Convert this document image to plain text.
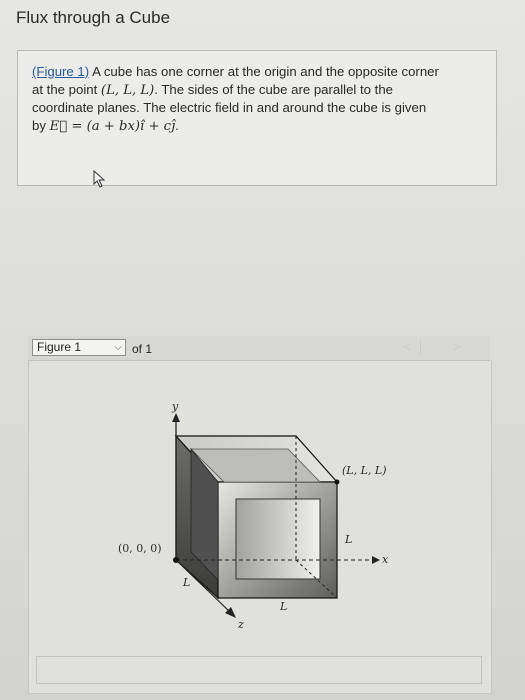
Flux through a Cube
(Figure 1) A cube has one corner at the origin and the opposite corner
at the point (L, L, L). The sides of the cube are parallel to the
coordinate planes. The electric field in and around the cube is given
by E⃗ = (a + bx)î + cĵ.
Figure 1	⌵ of 1	<	>
y
x
z
(0, 0, 0)
(L, L, L)
L
L
L
